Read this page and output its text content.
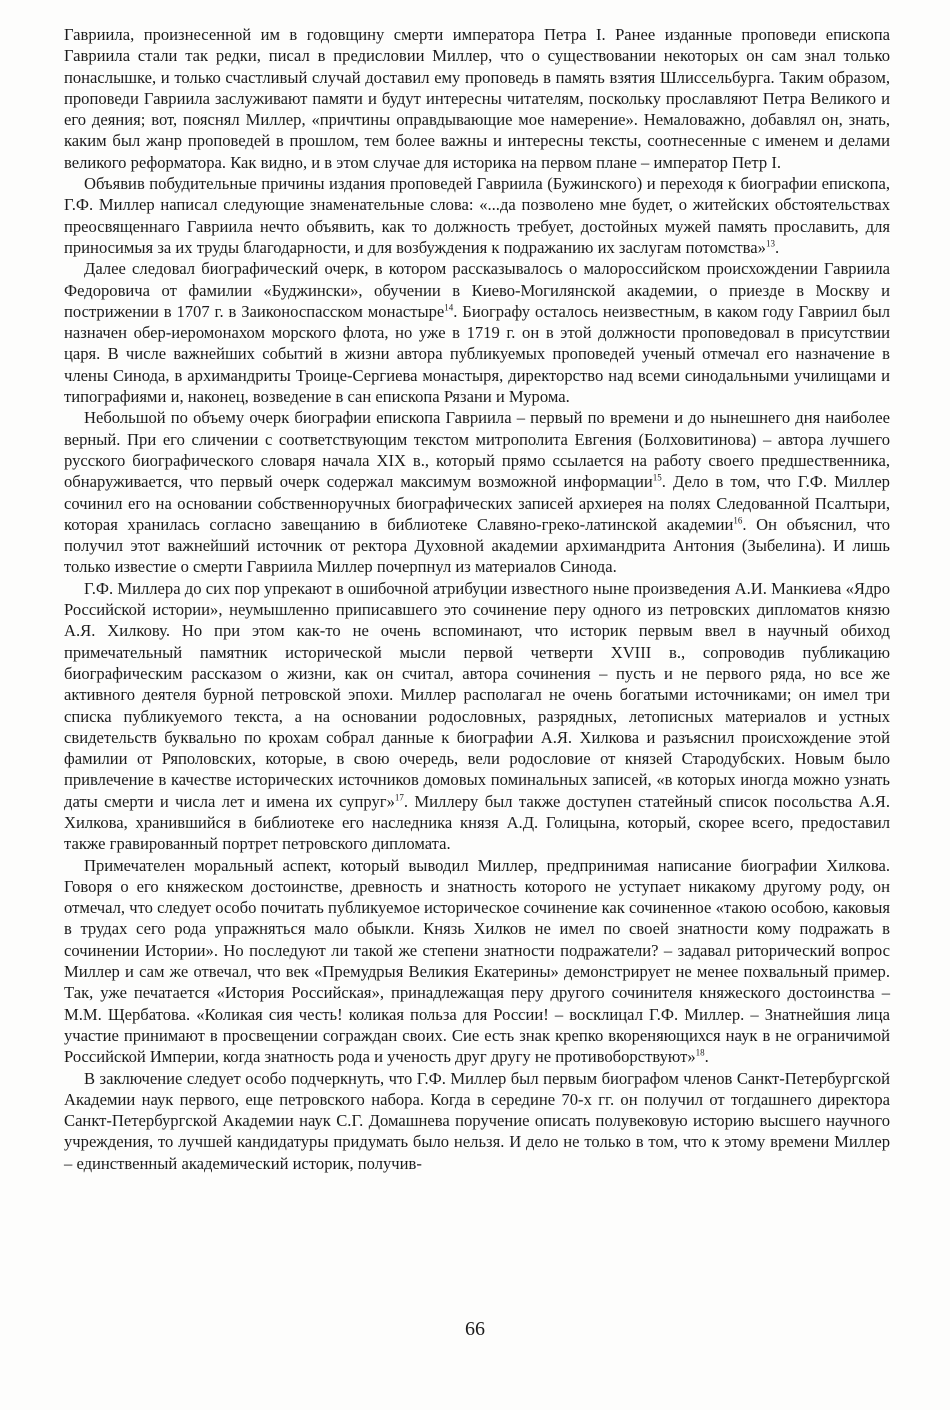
Гавриила, произнесенной им в годовщину смерти императора Петра I. Ранее изданные проповеди епископа Гавриила стали так редки, писал в предисловии Миллер, что о существовании некоторых он сам знал только понаслышке, и только счастливый случай доставил ему проповедь в память взятия Шлиссельбурга. Таким образом, проповеди Гавриила заслуживают памяти и будут интересны читателям, поскольку прославляют Петра Великого и его деяния; вот, пояснял Миллер, «причтины оправдывающие мое намерение». Немаловажно, добавлял он, знать, каким был жанр проповедей в прошлом, тем более важны и интересны тексты, соотнесенные с именем и делами великого реформатора. Как видно, и в этом случае для историка на первом плане – император Петр I.

Объявив побудительные причины издания проповедей Гавриила (Бужинского) и переходя к биографии епископа, Г.Ф. Миллер написал следующие знаменательные слова: «...да позволено мне будет, о житейских обстоятельствах преосвященнаго Гавриила нечто объявить, как то должность требует, достойных мужей память прославить, для приносимыя за их труды благодарности, и для возбуждения к подражанию их заслугам потомства»$^{13}$.

Далее следовал биографический очерк, в котором рассказывалось о малороссийском происхождении Гавриила Федоровича от фамилии «Буджински», обучении в Киево-Могилянской академии, о приезде в Москву и пострижении в 1707 г. в Заиконоспасском монастыре$^{14}$. Биографу осталось неизвестным, в каком году Гавриил был назначен обер-иеромонахом морского флота, но уже в 1719 г. он в этой должности проповедовал в присутствии царя. В числе важнейших событий в жизни автора публикуемых проповедей ученый отмечал его назначение в члены Синода, в архимандриты Троице-Сергиева монастыря, директорство над всеми синодальными училищами и типографиями и, наконец, возведение в сан епископа Рязани и Мурома.

Небольшой по объему очерк биографии епископа Гавриила – первый по времени и до нынешнего дня наиболее верный. При его сличении с соответствующим текстом митрополита Евгения (Болховитинова) – автора лучшего русского биографического словаря начала XIX в., который прямо ссылается на работу своего предшественника, обнаруживается, что первый очерк содержал максимум возможной информации$^{15}$. Дело в том, что Г.Ф. Миллер сочинил его на основании собственноручных биографических записей архиерея на полях Следованной Псалтыри, которая хранилась согласно завещанию в библиотеке Славяно-греко-латинской академии$^{16}$. Он объяснил, что получил этот важнейший источник от ректора Духовной академии архимандрита Антония (Зыбелина). И лишь только известие о смерти Гавриила Миллер почерпнул из материалов Синода.

Г.Ф. Миллера до сих пор упрекают в ошибочной атрибуции известного ныне произведения А.И. Манкиева «Ядро Российской истории», неумышленно приписавшего это сочинение перу одного из петровских дипломатов князю А.Я. Хилкову. Но при этом как-то не очень вспоминают, что историк первым ввел в научный обиход примечательный памятник исторической мысли первой четверти XVIII в., сопроводив публикацию биографическим рассказом о жизни, как он считал, автора сочинения – пусть и не первого ряда, но все же активного деятеля бурной петровской эпохи. Миллер располагал не очень богатыми источниками; он имел три списка публикуемого текста, а на основании родословных, разрядных, летописных материалов и устных свидетельств буквально по крохам собрал данные к биографии А.Я. Хилкова и разъяснил происхождение этой фамилии от Ряполовских, которые, в свою очередь, вели родословие от князей Стародубских. Новым было привлечение в качестве исторических источников домовых поминальных записей, «в которых иногда можно узнать даты смерти и числа лет и имена их супруг»$^{17}$. Миллеру был также доступен статейный список посольства А.Я. Хилкова, хранившийся в библиотеке его наследника князя А.Д. Голицына, который, скорее всего, предоставил также гравированный портрет петровского дипломата.

Примечателен моральный аспект, который выводил Миллер, предпринимая написание биографии Хилкова. Говоря о его княжеском достоинстве, древность и знатность которого не уступает никакому другому роду, он отмечал, что следует особо почитать публикуемое историческое сочинение как сочиненное «такою особою, каковыя в трудах сего рода упражняться мало обыкли. Князь Хилков не имел по своей знатности кому подражать в сочинении Истории». Но последуют ли такой же степени знатности подражатели? – задавал риторический вопрос Миллер и сам же отвечал, что век «Премудрыя Великия Екатерины» демонстрирует не менее похвальный пример. Так, уже печатается «История Российская», принадлежащая перу другого сочинителя княжеского достоинства – М.М. Щербатова. «Коликая сия честь! коликая польза для России! – восклицал Г.Ф. Миллер. – Знатнейшия лица участие принимают в просвещении сограждан своих. Сие есть знак крепко вкореняющихся наук в не ограничимой Российской Империи, когда знатность рода и ученость друг другу не противоборствуют»$^{18}$.

В заключение следует особо подчеркнуть, что Г.Ф. Миллер был первым биографом членов Санкт-Петербургской Академии наук первого, еще петровского набора. Когда в середине 70-х гг. он получил от тогдашнего директора Санкт-Петербургской Академии наук С.Г. Домашнева поручение описать полувековую историю высшего научного учреждения, то лучшей кандидатуры придумать было нельзя. И дело не только в том, что к этому времени Миллер – единственный академический историк, получив-

66
